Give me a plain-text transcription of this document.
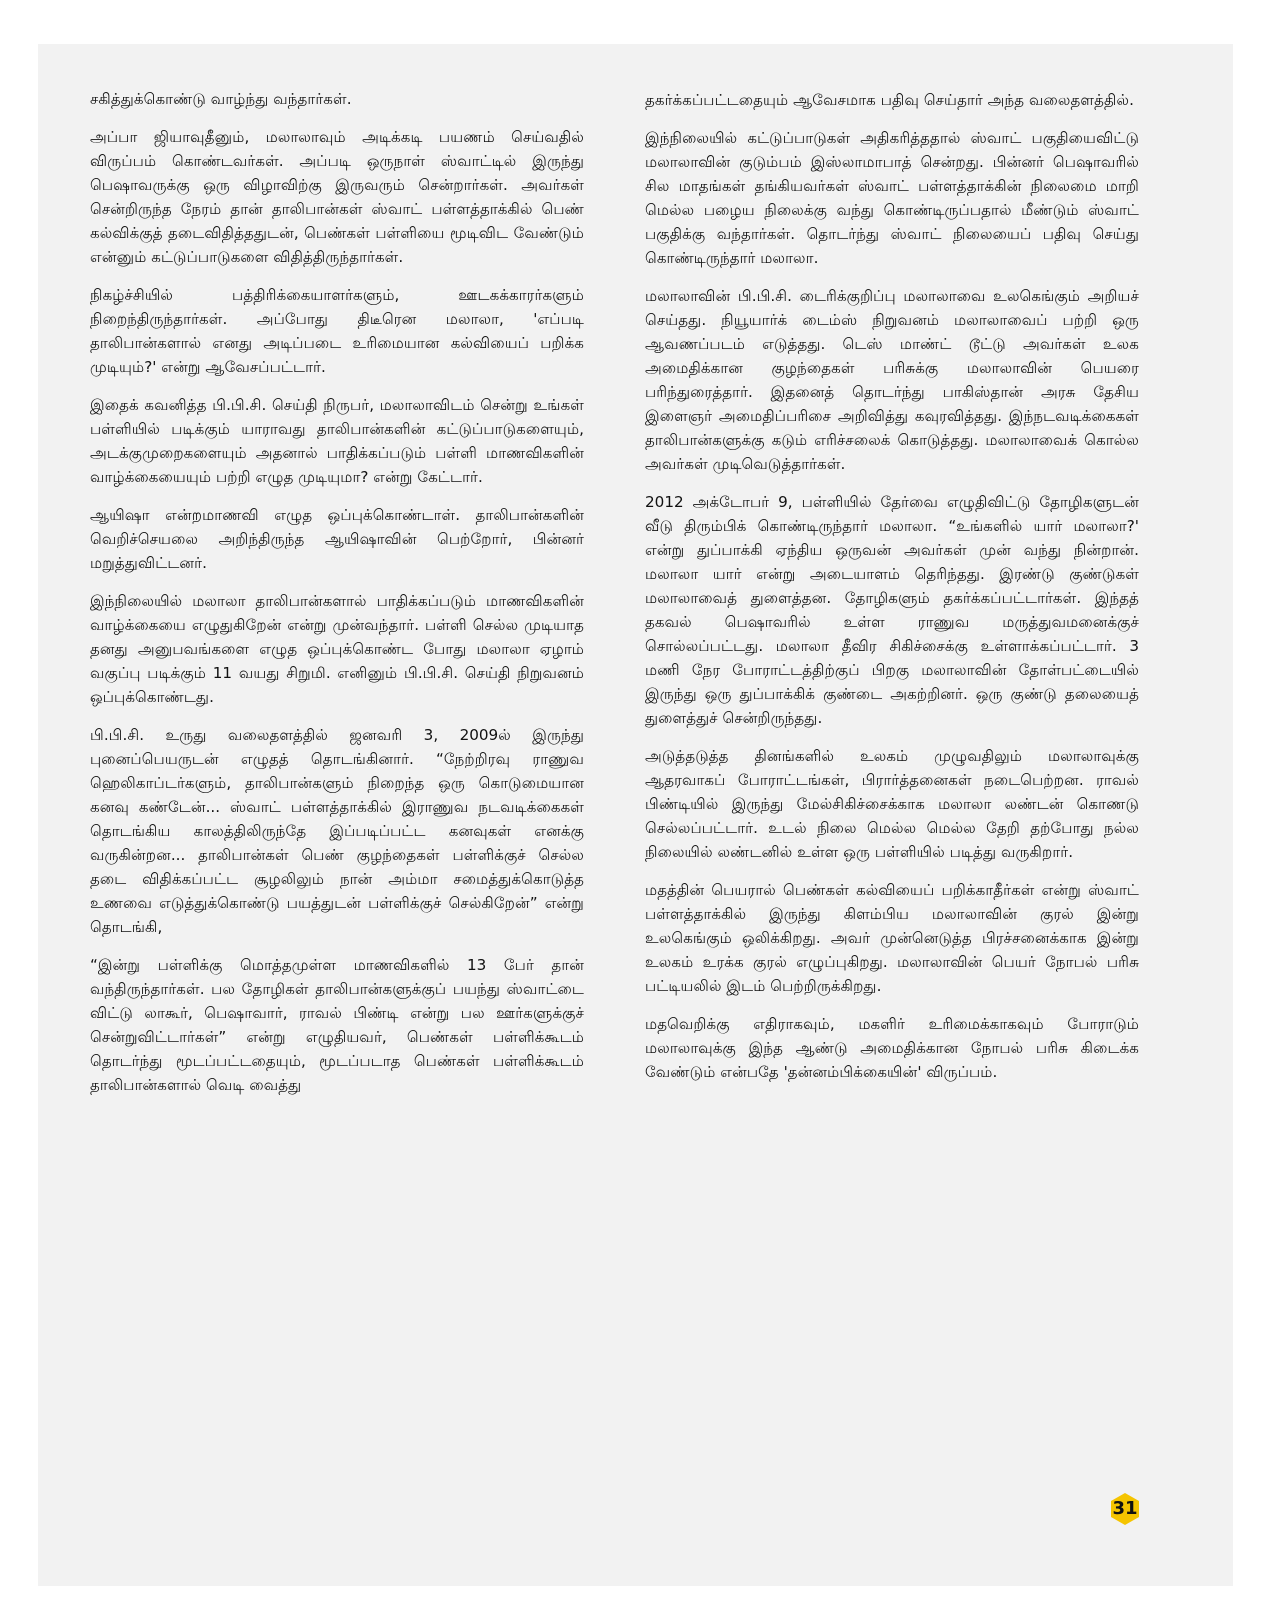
சகித்துக்கொண்டு வாழ்ந்து வந்தார்கள்.

அப்பா ஜியாவுதீனும், மலாலாவும் அடிக்கடி பயணம் செய்வதில் விருப்பம் கொண்டவர்கள். அப்படி ஒருநாள் ஸ்வாட்டில் இருந்து பெஷாவருக்கு ஒரு விழாவிற்கு இருவரும் சென்றார்கள். அவர்கள் சென்றிருந்த நேரம் தான் தாலிபான்கள் ஸ்வாட் பள்ளத்தாக்கில் பெண் கல்விக்குத் தடைவிதித்ததுடன், பெண்கள் பள்ளியை மூடிவிட வேண்டும் என்னும் கட்டுப்பாடுகளை விதித்திருந்தார்கள்.

நிகழ்ச்சியில் பத்திரிக்கையாளர்களும், ஊடகக்காரர்களும் நிறைந்திருந்தார்கள். அப்போது திடீரென மலாலா, 'எப்படி தாலிபான்களால் எனது அடிப்படை உரிமையான கல்வியைப் பறிக்க முடியும்?' என்று ஆவேசப்பட்டார்.

இதைக் கவனித்த பி.பி.சி. செய்தி நிருபர், மலாலாவிடம் சென்று உங்கள் பள்ளியில் படிக்கும் யாராவது தாலிபான்களின் கட்டுப்பாடுகளையும், அடக்குமுறைகளையும் அதனால் பாதிக்கப்படும் பள்ளி மாணவிகளின் வாழ்க்கையையும் பற்றி எழுத முடியுமா? என்று கேட்டார்.

ஆயிஷா என்றமாணவி எழுத ஒப்புக்கொண்டாள். தாலிபான்களின் வெறிச்செயலை அறிந்திருந்த ஆயிஷாவின் பெற்றோர், பின்னர் மறுத்துவிட்டனர்.

இந்நிலையில் மலாலா தாலிபான்களால் பாதிக்கப்படும் மாணவிகளின் வாழ்க்கையை எழுதுகிறேன் என்று முன்வந்தார். பள்ளி செல்ல முடியாத தனது அனுபவங்களை எழுத ஒப்புக்கொண்ட போது மலாலா ஏழாம் வகுப்பு படிக்கும் 11 வயது சிறுமி. எனினும் பி.பி.சி. செய்தி நிறுவனம் ஒப்புக்கொண்டது.

பி.பி.சி. உருது வலைதளத்தில் ஜனவரி 3, 2009ல் இருந்து புனைப்பெயருடன் எழுதத் தொடங்கினார். “நேற்றிரவு ராணுவ ஹெலிகாப்டர்களும், தாலிபான்களும் நிறைந்த ஒரு கொடுமையான கனவு கண்டேன்... ஸ்வாட் பள்ளத்தாக்கில் இராணுவ நடவடிக்கைகள் தொடங்கிய காலத்திலிருந்தே இப்படிப்பட்ட கனவுகள் எனக்கு வருகின்றன... தாலிபான்கள் பெண் குழந்தைகள் பள்ளிக்குச் செல்ல தடை விதிக்கப்பட்ட சூழலிலும் நான் அம்மா சமைத்துக்கொடுத்த உணவை எடுத்துக்கொண்டு பயத்துடன் பள்ளிக்குச் செல்கிறேன்” என்று தொடங்கி,

“இன்று பள்ளிக்கு மொத்தமுள்ள மாணவிகளில் 13 பேர் தான் வந்திருந்தார்கள். பல தோழிகள் தாலிபான்களுக்குப் பயந்து ஸ்வாட்டை விட்டு லாகூர், பெஷாவார், ராவல் பிண்டி என்று பல ஊர்களுக்குச் சென்றுவிட்டார்கள்” என்று எழுதியவர், பெண்கள் பள்ளிக்கூடம் தொடர்ந்து மூடப்பட்டதையும், மூடப்படாத பெண்கள் பள்ளிக்கூடம் தாலிபான்களால் வெடி வைத்து

தகர்க்கப்பட்டதையும் ஆவேசமாக பதிவு செய்தார் அந்த வலைதளத்தில்.

இந்நிலையில் கட்டுப்பாடுகள் அதிகரித்ததால் ஸ்வாட் பகுதியைவிட்டு மலாலாவின் குடும்பம் இஸ்லாமாபாத் சென்றது. பின்னர் பெஷாவரில் சில மாதங்கள் தங்கியவர்கள் ஸ்வாட் பள்ளத்தாக்கின் நிலைமை மாறி மெல்ல பழைய நிலைக்கு வந்து கொண்டிருப்பதால் மீண்டும் ஸ்வாட் பகுதிக்கு வந்தார்கள். தொடர்ந்து ஸ்வாட் நிலையைப் பதிவு செய்து கொண்டிருந்தார் மலாலா.

மலாலாவின் பி.பி.சி. டைரிக்குறிப்பு மலாலாவை உலகெங்கும் அறியச் செய்தது. நியூயார்க் டைம்ஸ் நிறுவனம் மலாலாவைப் பற்றி ஒரு ஆவணப்படம் எடுத்தது. டெஸ் மாண்ட் டூட்டு அவர்கள் உலக அமைதிக்கான குழந்தைகள் பரிசுக்கு மலாலாவின் பெயரை பரிந்துரைத்தார். இதனைத் தொடர்ந்து பாகிஸ்தான் அரசு தேசிய இளைஞர் அமைதிப்பரிசை அறிவித்து கவுரவித்தது. இந்நடவடிக்கைகள் தாலிபான்களுக்கு கடும் எரிச்சலைக் கொடுத்தது. மலாலாவைக் கொல்ல அவர்கள் முடிவெடுத்தார்கள்.

2012 அக்டோபர் 9, பள்ளியில் தேர்வை எழுதிவிட்டு தோழிகளுடன் வீடு திரும்பிக் கொண்டிருந்தார் மலாலா. “உங்களில் யார் மலாலா?' என்று துப்பாக்கி ஏந்திய ஒருவன் அவர்கள் முன் வந்து நின்றான். மலாலா யார் என்று அடையாளம் தெரிந்தது. இரண்டு குண்டுகள் மலாலாவைத் துளைத்தன. தோழிகளும் தகர்க்கப்பட்டார்கள். இந்தத் தகவல் பெஷாவரில் உள்ள ராணுவ மருத்துவமனைக்குச் சொல்லப்பட்டது. மலாலா தீவிர சிகிச்சைக்கு உள்ளாக்கப்பட்டார். 3 மணி நேர போராட்டத்திற்குப் பிறகு மலாலாவின் தோள்பட்டையில் இருந்து ஒரு துப்பாக்கிக் குண்டை அகற்றினர். ஒரு குண்டு தலையைத் துளைத்துச் சென்றிருந்தது.

அடுத்தடுத்த தினங்களில் உலகம் முழுவதிலும் மலாலாவுக்கு ஆதரவாகப் போராட்டங்கள், பிரார்த்தனைகள் நடைபெற்றன. ராவல் பிண்டியில் இருந்து மேல்சிகிச்சைக்காக மலாலா லண்டன் கொணடு செல்லப்பட்டார். உடல் நிலை மெல்ல மெல்ல தேறி தற்போது நல்ல நிலையில் லண்டனில் உள்ள ஒரு பள்ளியில் படித்து வருகிறார்.

மதத்தின் பெயரால் பெண்கள் கல்வியைப் பறிக்காதீர்கள் என்று ஸ்வாட் பள்ளத்தாக்கில் இருந்து கிளம்பிய மலாலாவின் குரல் இன்று உலகெங்கும் ஒலிக்கிறது. அவர் முன்னெடுத்த பிரச்சனைக்காக இன்று உலகம் உரக்க குரல் எழுப்புகிறது. மலாலாவின் பெயர் நோபல் பரிசு பட்டியலில் இடம் பெற்றிருக்கிறது.

மதவெறிக்கு எதிராகவும், மகளிர் உரிமைக்காகவும் போராடும் மலாலாவுக்கு இந்த ஆண்டு அமைதிக்கான நோபல் பரிசு கிடைக்க வேண்டும் என்பதே 'தன்னம்பிக்கையின்' விருப்பம்.

31
